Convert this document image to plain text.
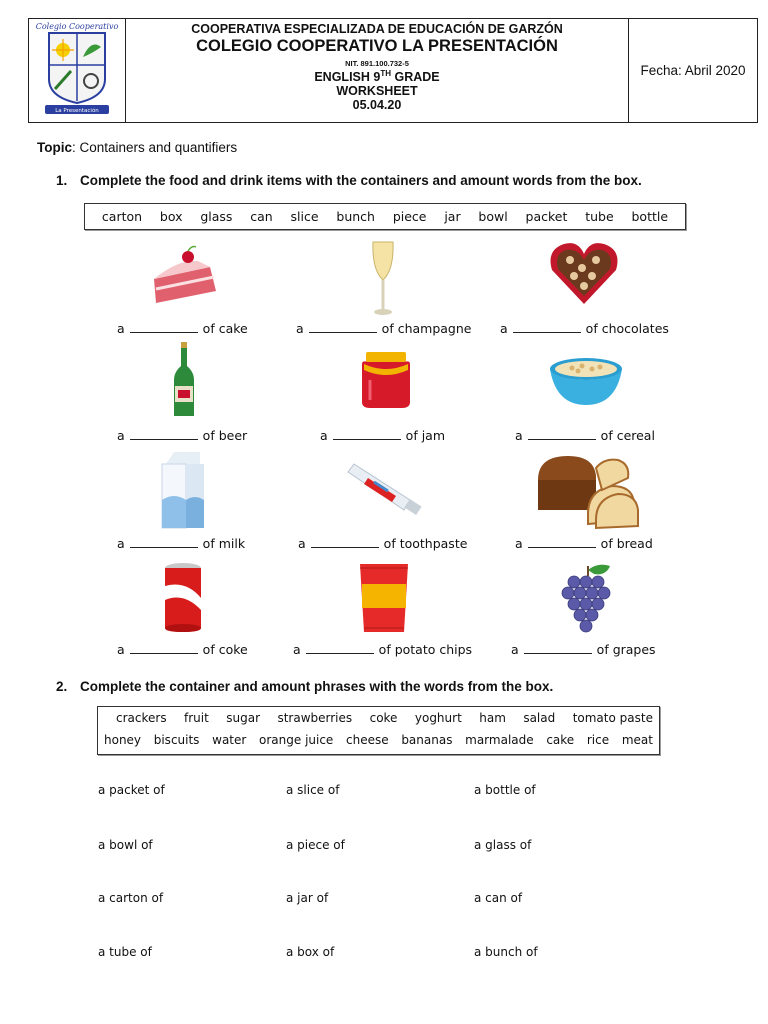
Colegio Cooperativo
La Presentación
COOPERATIVA ESPECIALIZADA DE EDUCACIÓN DE GARZÓN
COLEGIO COOPERATIVO LA PRESENTACIÓN
NIT. 891.100.732-5
ENGLISH 9TH GRADE
WORKSHEET
05.04.20
Fecha: Abril 2020
Topic: Containers and quantifiers
1. Complete the food and drink items with the containers and amount words from the box.
carton box glass can slice bunch piece jar bowl packet tube bottle
a	of cake	a	of champagne a	of chocolates
a	of beer	a	of jam	a	of cereal
a	of milk	a	of toothpaste	a	of bread
a	of coke	a	of potato chips	a	of grapes
2. Complete the container and amount phrases with the words from the box.
crackers fruit sugar strawberries coke yoghurt ham salad tomato paste
honey biscuits water orange juice cheese bananas marmalade cake rice meat
a packet of	a slice of	a bottle of
a bowl of	a piece of	a glass of
a carton of	a jar of	a can of
a tube of	a box of	a bunch of
